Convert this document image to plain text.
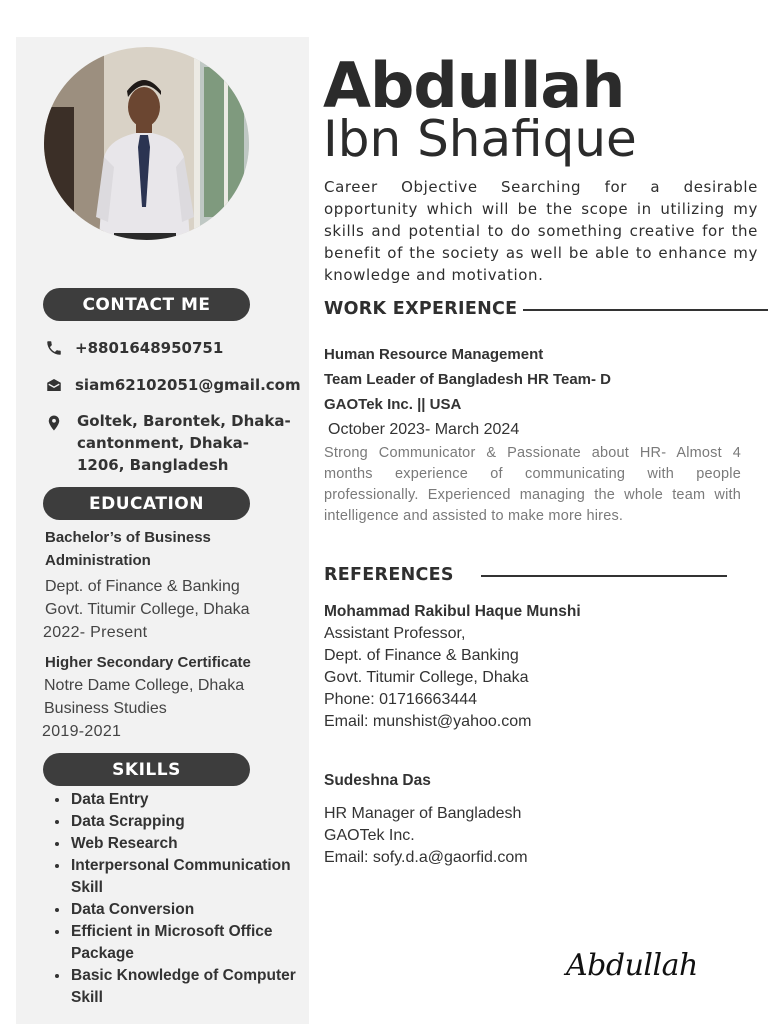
CONTACT ME
+8801648950751
siam62102051@gmail.com
Goltek, Barontek, Dhaka-
cantonment, Dhaka-
1206, Bangladesh
EDUCATION
Bachelor’s of Business
Administration
Dept. of Finance & Banking
Govt. Titumir College, Dhaka
2022- Present
Higher Secondary Certificate
Notre Dame College, Dhaka
Business Studies
2019-2021
SKILLS
• Data Entry
• Data Scrapping
• Web Research
• Interpersonal Communication Skill
• Data Conversion
• Efficient in Microsoft Office Package
• Basic Knowledge of Computer Skill
Abdullah
Ibn Shafique
Career Objective Searching for a desirable opportunity which will be the scope in utilizing my skills and potential to do something creative for the benefit of the society as well be able to enhance my knowledge and motivation.
WORK EXPERIENCE
Human Resource Management
Team Leader of Bangladesh HR Team- D
GAOTek Inc. || USA
October 2023- March 2024
Strong Communicator & Passionate about HR- Almost 4 months experience of communicating with people professionally. Experienced managing the whole team with intelligence and assisted to make more hires.
REFERENCES
Mohammad Rakibul Haque Munshi
Assistant Professor,
Dept. of Finance & Banking
Govt. Titumir College, Dhaka
Phone: 01716663444
Email: munshist@yahoo.com
Sudeshna Das
HR Manager of Bangladesh
GAOTek Inc.
Email: sofy.d.a@gaorfid.com
Abdullah
